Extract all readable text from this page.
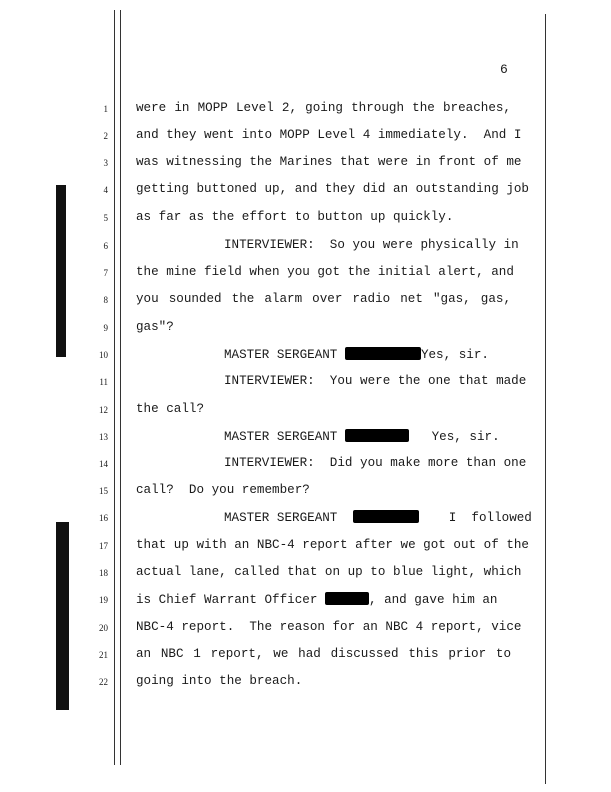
6
1
2
3
4
5
6
7
8
9
10
11
12
13
14
15
16
17
18
19
20
21
22
were in MOPP Level 2, going through the breaches,
and they went into MOPP Level 4 immediately.  And I
was witnessing the Marines that were in front of me
getting buttoned up, and they did an outstanding job
as far as the effort to button up quickly.
INTERVIEWER:  So you were physically in
the mine field when you got the initial alert, and
you sounded the alarm over radio net "gas, gas,
gas"?
MASTER SERGEANT	Yes, sir.
INTERVIEWER:  You were the one that made
the call?
MASTER SERGEANT	Yes, sir.
INTERVIEWER:  Did you make more than one
call?  Do you remember?
MASTER SERGEANT	I  followed
that up with an NBC-4 report after we got out of the
actual lane, called that on up to blue light, which
is Chief Warrant Officer	, and gave him an
NBC-4 report.  The reason for an NBC 4 report, vice
an NBC 1 report, we had discussed this prior to
going into the breach.
